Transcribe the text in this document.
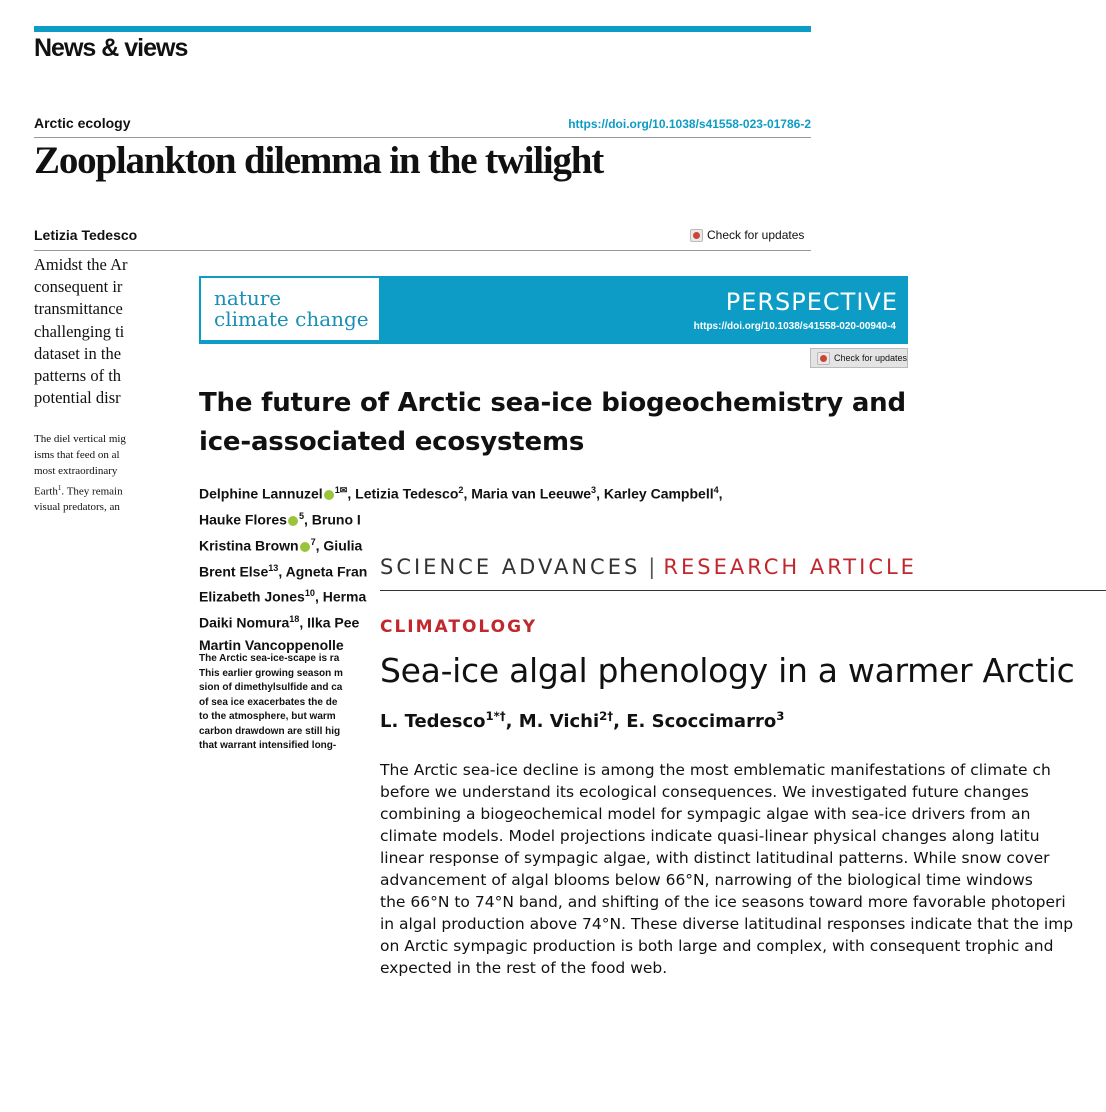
News & views
Arctic ecology	https://doi.org/10.1038/s41558-023-01786-2
Zooplankton dilemma in the twilight
Letizia Tedesco	Check for updates
Amidst the Ar
consequent ir
transmittance
challenging ti
dataset in the
patterns of th
potential disr
The diel vertical mig
isms that feed on al
most extraordinary
Earth$^1$. They remain
visual predators, an
nature
climate change
PERSPECTIVE
https://doi.org/10.1038/s41558-020-00940-4
Check for updates
The future of Arctic sea-ice biogeochemistry and
ice-associated ecosystems
Delphine Lannuzel $^{1✉}$, Letizia Tedesco$^2$, Maria van Leeuwe$^3$, Karley Campbell$^4$,
Hauke Flores $^5$, Bruno I
Kristina Brown $^7$, Giulia
Brent Else$^{13}$, Agneta Fran
Elizabeth Jones$^{10}$, Herma
Daiki Nomura$^{18}$, Ilka Pee
Martin Vancoppenolle
The Arctic sea-ice-scape is ra
This earlier growing season m
sion of dimethylsulfide and ca
of sea ice exacerbates the de
to the atmosphere, but warm
carbon drawdown are still hig
that warrant intensified long-
SCIENCE ADVANCES | RESEARCH ARTICLE
CLIMATOLOGY
Sea-ice algal phenology in a warmer Arctic
L. Tedesco$^{1*\dagger}$, M. Vichi$^{2\dagger}$, E. Scoccimarro$^3$
The Arctic sea-ice decline is among the most emblematic manifestations of climate ch
before we understand its ecological consequences. We investigated future changes
combining a biogeochemical model for sympagic algae with sea-ice drivers from an
climate models. Model projections indicate quasi-linear physical changes along latitu
linear response of sympagic algae, with distinct latitudinal patterns. While snow cover
advancement of algal blooms below 66°N, narrowing of the biological time windows
the 66°N to 74°N band, and shifting of the ice seasons toward more favorable photoperi
in algal production above 74°N. These diverse latitudinal responses indicate that the imp
on Arctic sympagic production is both large and complex, with consequent trophic and
expected in the rest of the food web.
